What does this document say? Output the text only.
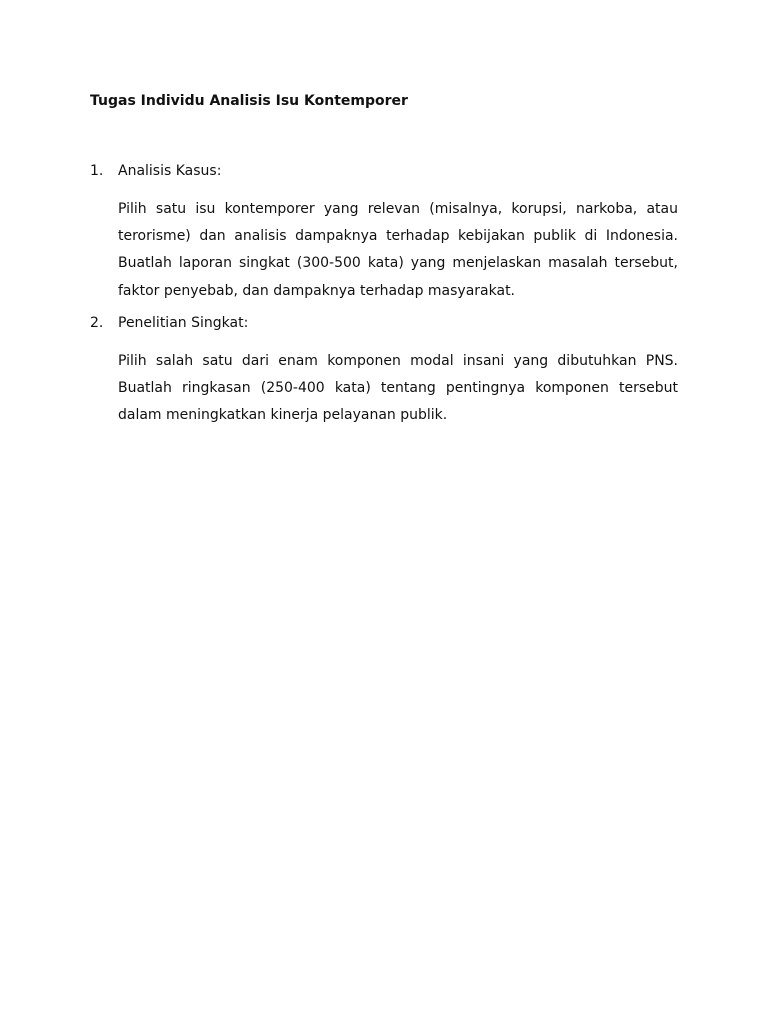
Tugas Individu Analisis Isu Kontemporer
1. Analisis Kasus:

Pilih satu isu kontemporer yang relevan (misalnya, korupsi, narkoba, atau terorisme) dan analisis dampaknya terhadap kebijakan publik di Indonesia. Buatlah laporan singkat (300-500 kata) yang menjelaskan masalah tersebut, faktor penyebab, dan dampaknya terhadap masyarakat.

2. Penelitian Singkat:

Pilih salah satu dari enam komponen modal insani yang dibutuhkan PNS. Buatlah ringkasan (250-400 kata) tentang pentingnya komponen tersebut dalam meningkatkan kinerja pelayanan publik.
